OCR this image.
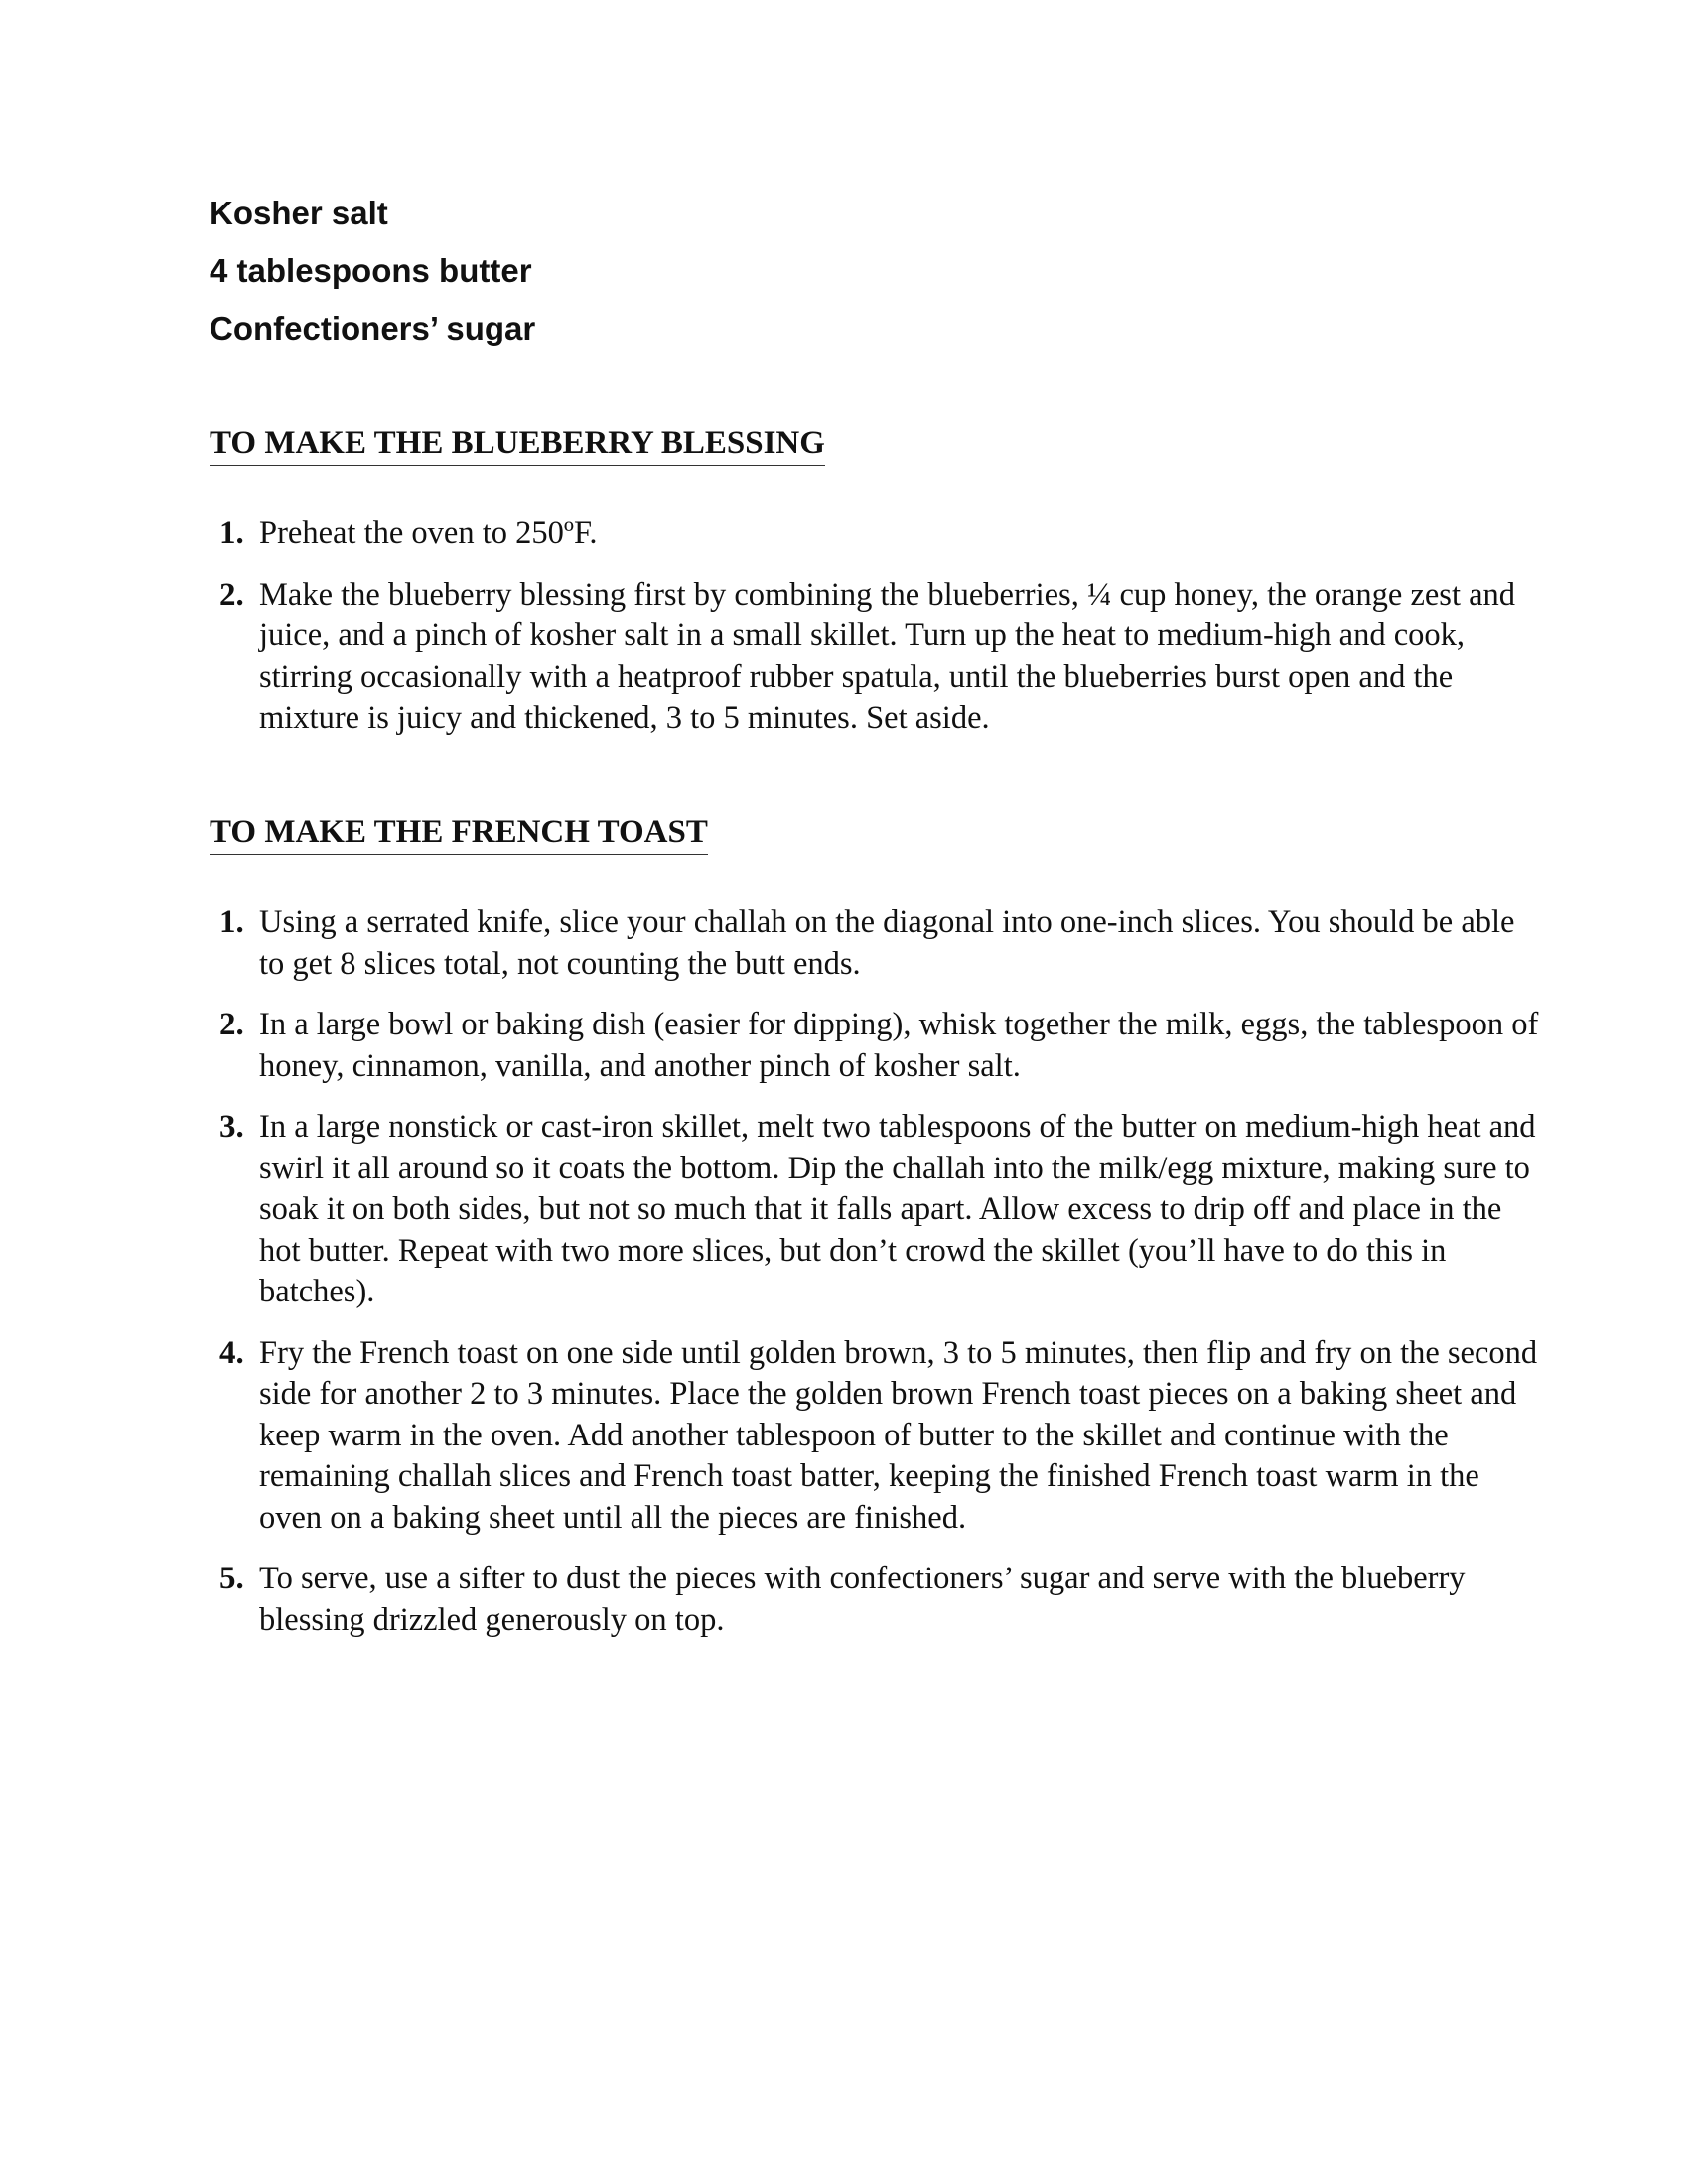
Kosher salt
4 tablespoons butter
Confectioners’ sugar
TO MAKE THE BLUEBERRY BLESSING
1. Preheat the oven to 250ºF.
2. Make the blueberry blessing first by combining the blueberries, ¼ cup honey, the orange zest and juice, and a pinch of kosher salt in a small skillet. Turn up the heat to medium-high and cook, stirring occasionally with a heatproof rubber spatula, until the blueberries burst open and the mixture is juicy and thickened, 3 to 5 minutes. Set aside.
TO MAKE THE FRENCH TOAST
1. Using a serrated knife, slice your challah on the diagonal into one-inch slices. You should be able to get 8 slices total, not counting the butt ends.
2. In a large bowl or baking dish (easier for dipping), whisk together the milk, eggs, the tablespoon of honey, cinnamon, vanilla, and another pinch of kosher salt.
3. In a large nonstick or cast-iron skillet, melt two tablespoons of the butter on medium-high heat and swirl it all around so it coats the bottom. Dip the challah into the milk/egg mixture, making sure to soak it on both sides, but not so much that it falls apart. Allow excess to drip off and place in the hot butter. Repeat with two more slices, but don’t crowd the skillet (you’ll have to do this in batches).
4. Fry the French toast on one side until golden brown, 3 to 5 minutes, then flip and fry on the second side for another 2 to 3 minutes. Place the golden brown French toast pieces on a baking sheet and keep warm in the oven. Add another tablespoon of butter to the skillet and continue with the remaining challah slices and French toast batter, keeping the finished French toast warm in the oven on a baking sheet until all the pieces are finished.
5. To serve, use a sifter to dust the pieces with confectioners’ sugar and serve with the blueberry blessing drizzled generously on top.
